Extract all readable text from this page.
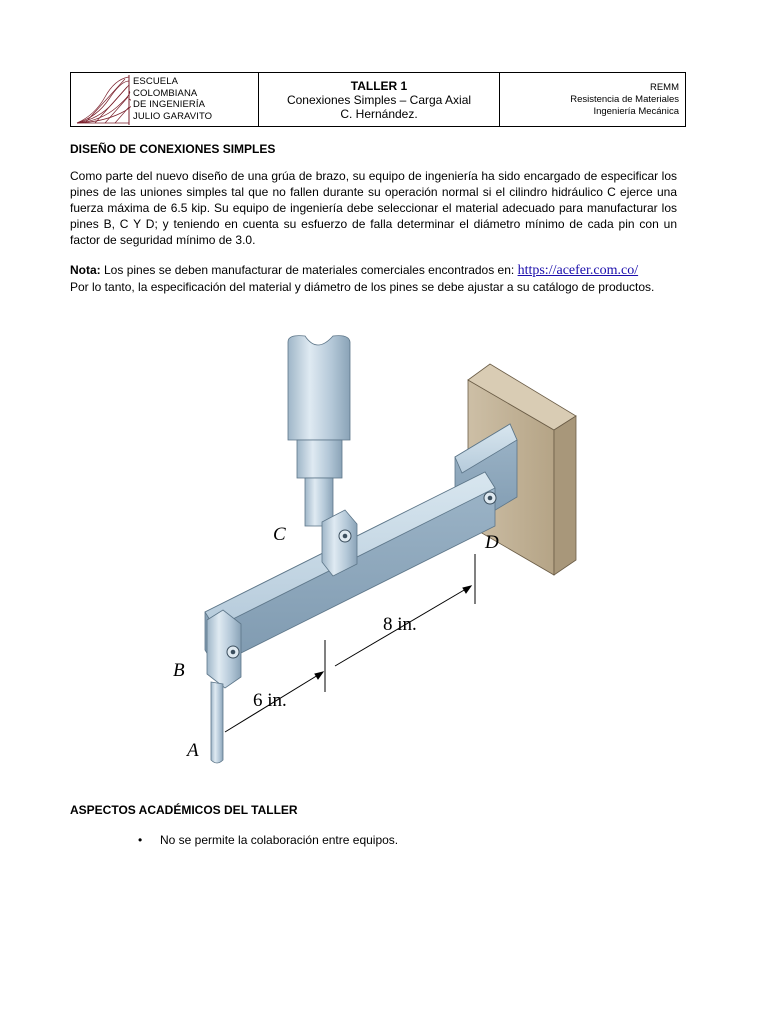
ESCUELA
COLOMBIANA
DE INGENIERÍA
JULIO GARAVITO

TALLER 1
Conexiones Simples – Carga Axial
C. Hernández.

REMM
Resistencia de Materiales
Ingeniería Mecánica
DISEÑO DE CONEXIONES SIMPLES

Como parte del nuevo diseño de una grúa de brazo, su equipo de ingeniería ha sido encargado de especificar los pines de las uniones simples tal que no fallen durante su operación normal si el cilindro hidráulico C ejerce una fuerza máxima de 6.5 kip. Su equipo de ingeniería debe seleccionar el material adecuado para manufacturar los pines B, C Y D; y teniendo en cuenta su esfuerzo de falla determinar el diámetro mínimo de cada pin con un factor de seguridad mínimo de 3.0.

Nota: Los pines se deben manufacturar de materiales comerciales encontrados en: https://acefer.com.co/

Por lo tanto, la especificación del material y diámetro de los pines se debe ajustar a su catálogo de productos.

C	D
B
A
6 in.
8 in.
ASPECTOS ACADÉMICOS DEL TALLER
• No se permite la colaboración entre equipos.
